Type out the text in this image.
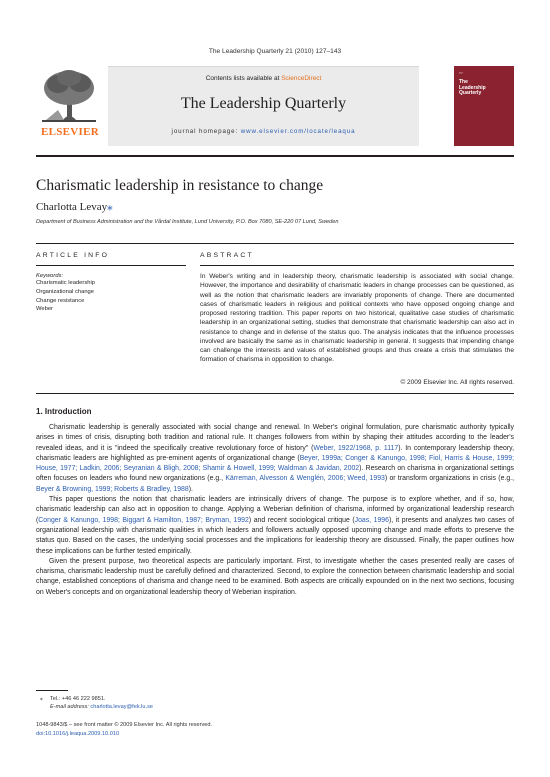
The Leadership Quarterly 21 (2010) 127–143
ELSEVIER
Contents lists available at ScienceDirect
The Leadership Quarterly
journal homepage: www.elsevier.com/locate/leaqua
▪▪▪
The
Leadership
Quarterly
Charismatic leadership in resistance to change
Charlotta Levay⁎
Department of Business Administration and the Vårdal Institute, Lund University, P.O. Box 7080, SE-220 07 Lund, Sweden
ARTICLE INFO	ABSTRACT
Keywords:
Charismatic leadership
Organizational change
Change resistance
Weber
In Weber's writing and in leadership theory, charismatic leadership is associated with social change. However, the importance and desirability of charismatic leaders in change processes can be questioned, as well as the notion that charismatic leaders are invariably proponents of change. There are documented cases of charismatic leaders in religious and political contexts who have opposed ongoing change and proposed restoring tradition. This paper reports on two historical, qualitative case studies of charismatic leadership in an organizational setting, studies that demonstrate that charismatic leadership can also act in resistance to change and in defense of the status quo. The analysis indicates that the influence processes involved are basically the same as in charismatic leadership in general. It suggests that impending change can challenge the interests and values of established groups and thus create a crisis that stimulates the formation of charisma in opposition to change.
© 2009 Elsevier Inc. All rights reserved.
1. Introduction

Charismatic leadership is generally associated with social change and renewal. In Weber's original formulation, pure charismatic authority typically arises in times of crisis, disrupting both tradition and rational rule. It changes followers from within by shaping their attitudes according to the leader's revealed ideas, and it is "indeed the specifically creative revolutionary force of history" (Weber, 1922/1968, p. 1117). In contemporary leadership theory, charismatic leaders are highlighted as pre-eminent agents of organizational change (Beyer, 1999a; Conger & Kanungo, 1998; Fiol, Harris & House, 1999; House, 1977; Ladkin, 2006; Seyranian & Bligh, 2008; Shamir & Howell, 1999; Waldman & Javidan, 2002). Research on charisma in organizational settings often focuses on leaders who found new organizations (e.g., Kärreman, Alvesson & Wenglén, 2006; Weed, 1993) or transform organizations in crisis (e.g., Beyer & Browning, 1999; Roberts & Bradley, 1988).

This paper questions the notion that charismatic leaders are intrinsically drivers of change. The purpose is to explore whether, and if so, how, charismatic leadership can also act in opposition to change. Applying a Weberian definition of charisma, informed by organizational leadership research (Conger & Kanungo, 1998; Biggart & Hamilton, 1987; Bryman, 1992) and recent sociological critique (Joas, 1996), it presents and analyzes two cases of organizational leadership with charismatic qualities in which leaders and followers actually opposed upcoming change and made efforts to preserve the status quo. Based on the cases, the underlying social processes and the implications for leadership theory are discussed. Finally, the paper outlines how these implications can be further tested empirically.

Given the present purpose, two theoretical aspects are particularly important. First, to investigate whether the cases presented really are cases of charisma, charismatic leadership must be carefully defined and characterized. Second, to explore the connection between charismatic leadership and social change, established conceptions of charisma and change need to be examined. Both aspects are critically expounded on in the next two sections, focusing on Weber's concepts and on organizational leadership theory of Weberian inspiration.

⁎ Tel.: +46 46 222 9851.
E-mail address: charlotta.levay@fek.lu.se
1048-9843/$ – see front matter © 2009 Elsevier Inc. All rights reserved.
doi:10.1016/j.leaqua.2009.10.010
